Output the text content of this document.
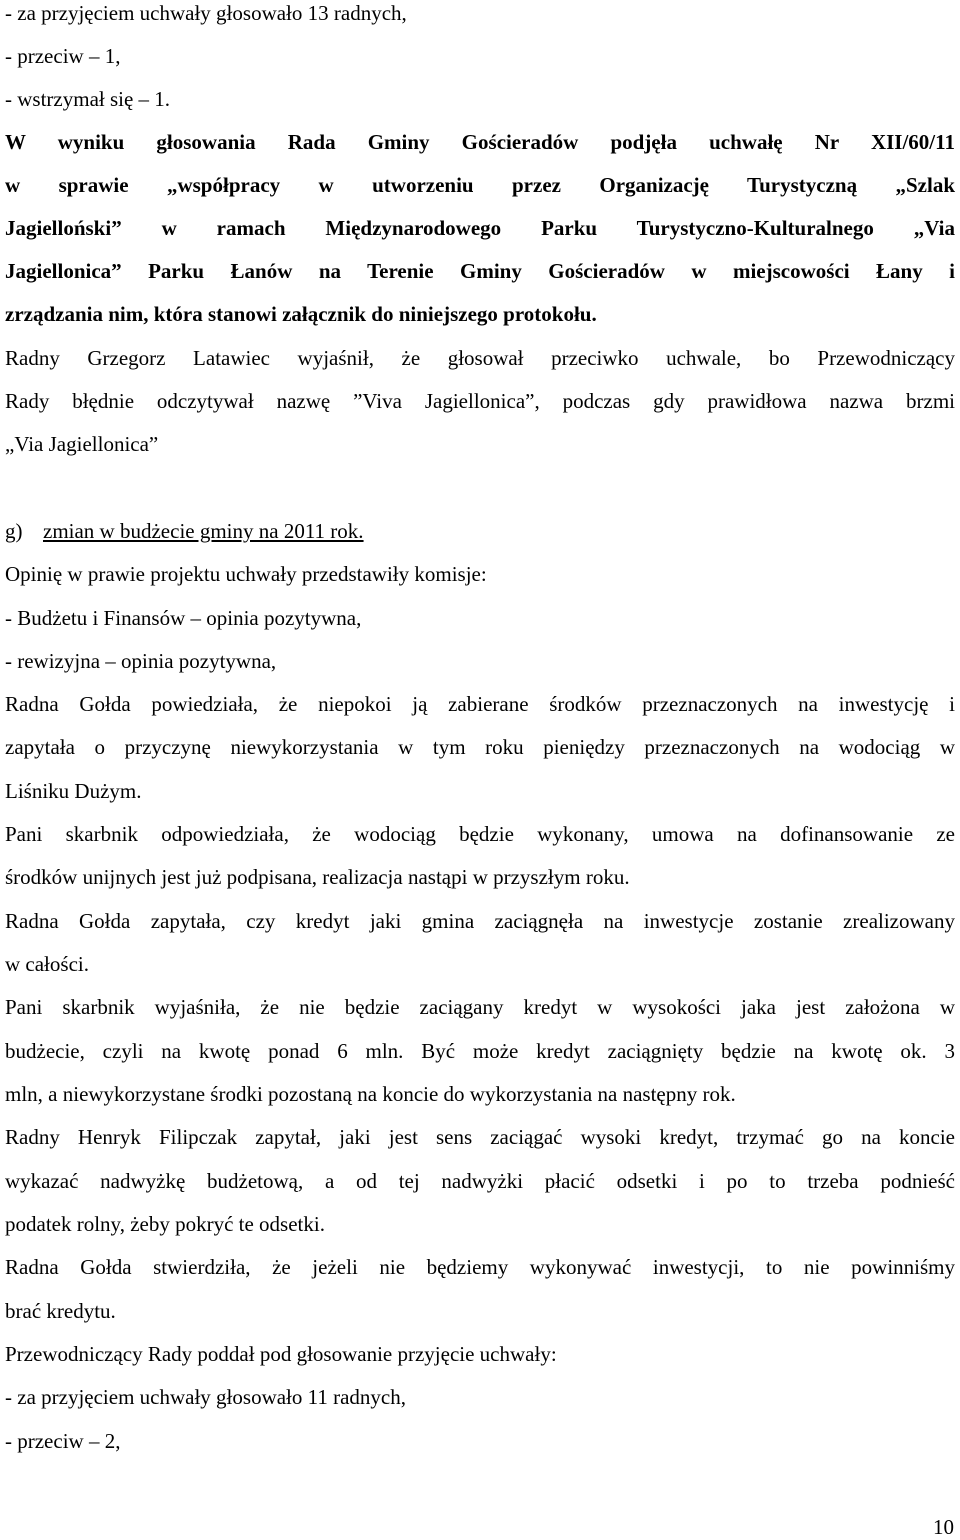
- za przyjęciem uchwały głosowało 13 radnych,
- przeciw – 1,
- wstrzymał się – 1.
W wyniku głosowania Rada Gminy Gościeradów podjęła uchwałę Nr XII/60/11
w sprawie „współpracy w utworzeniu przez Organizację Turystyczną „Szlak
Jagielloński” w ramach Międzynarodowego Parku Turystyczno-Kulturalnego „Via
Jagiellonica” Parku Łanów na Terenie Gminy Gościeradów w miejscowości Łany i
zrządzania nim, która stanowi załącznik do niniejszego protokołu.
Radny Grzegorz Latawiec wyjaśnił, że głosował przeciwko uchwale, bo Przewodniczący
Rady błędnie odczytywał nazwę ”Viva Jagiellonica”, podczas gdy prawidłowa nazwa brzmi
„Via Jagiellonica”
g) zmian w budżecie gminy na 2011 rok.
Opinię w prawie projektu uchwały przedstawiły komisje:
- Budżetu i Finansów – opinia pozytywna,
- rewizyjna – opinia pozytywna,
Radna Gołda powiedziała, że niepokoi ją zabierane środków przeznaczonych na inwestycję i
zapytała o przyczynę niewykorzystania w tym roku pieniędzy przeznaczonych na wodociąg w
Liśniku Dużym.
Pani skarbnik odpowiedziała, że wodociąg będzie wykonany, umowa na dofinansowanie ze
środków unijnych jest już podpisana, realizacja nastąpi w przyszłym roku.
Radna Gołda zapytała, czy kredyt jaki gmina zaciągnęła na inwestycje zostanie zrealizowany
w całości.
Pani skarbnik wyjaśniła, że nie będzie zaciągany kredyt w wysokości jaka jest założona w
budżecie, czyli na kwotę ponad 6 mln. Być może kredyt zaciągnięty będzie na kwotę ok. 3
mln, a niewykorzystane środki pozostaną na koncie do wykorzystania na następny rok.
Radny Henryk Filipczak zapytał, jaki jest sens zaciągać wysoki kredyt, trzymać go na koncie
wykazać nadwyżkę budżetową, a od tej nadwyżki płacić odsetki i po to trzeba podnieść
podatek rolny, żeby pokryć te odsetki.
Radna Gołda stwierdziła, że jeżeli nie będziemy wykonywać inwestycji, to nie powinniśmy
brać kredytu.
Przewodniczący Rady poddał pod głosowanie przyjęcie uchwały:
- za przyjęciem uchwały głosowało 11 radnych,
- przeciw – 2,
10
